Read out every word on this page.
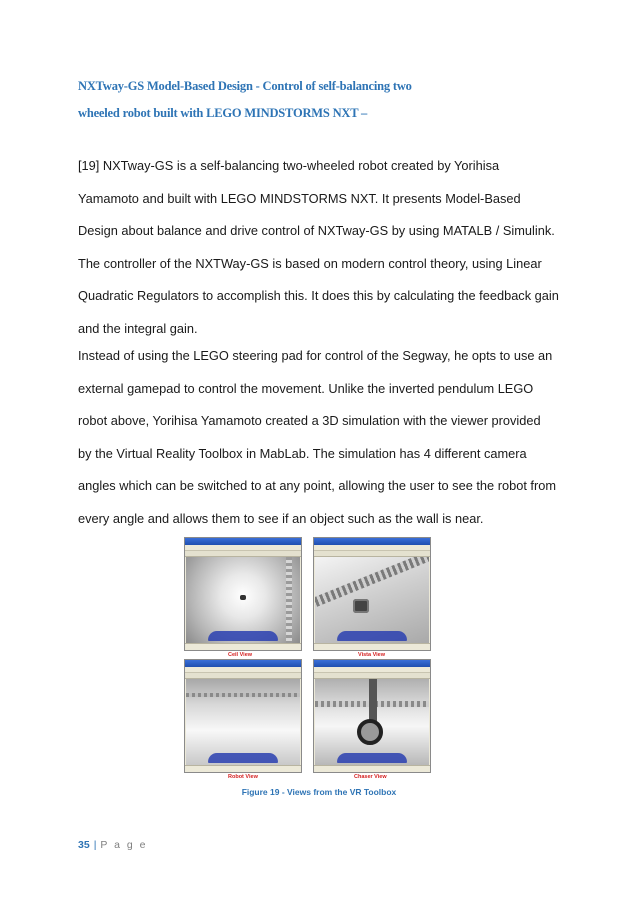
NXTway-GS Model-Based Design - Control of self-balancing two
wheeled robot built with LEGO MINDSTORMS NXT –
[19] NXTway-GS is a self-balancing two-wheeled robot created by Yorihisa
Yamamoto and built with LEGO MINDSTORMS NXT. It presents Model-Based
Design about balance and drive control of NXTway-GS by using MATALB / Simulink.
The controller of the NXTWay-GS is based on modern control theory, using Linear
Quadratic Regulators to accomplish this. It does this by calculating the feedback gain
and the integral gain.
Instead of using the LEGO steering pad for control of the Segway, he opts to use an
external gamepad to control the movement. Unlike the inverted pendulum LEGO
robot above, Yorihisa Yamamoto created a 3D simulation with the viewer provided
by the Virtual Reality Toolbox in MabLab. The simulation has 4 different camera
angles which can be switched to at any point, allowing the user to see the robot from
every angle and allows them to see if an object such as the wall is near.
Ceil View	Vista View
Robot View	Chaser View
Figure 19 - Views from the VR Toolbox
35 | P a g e
